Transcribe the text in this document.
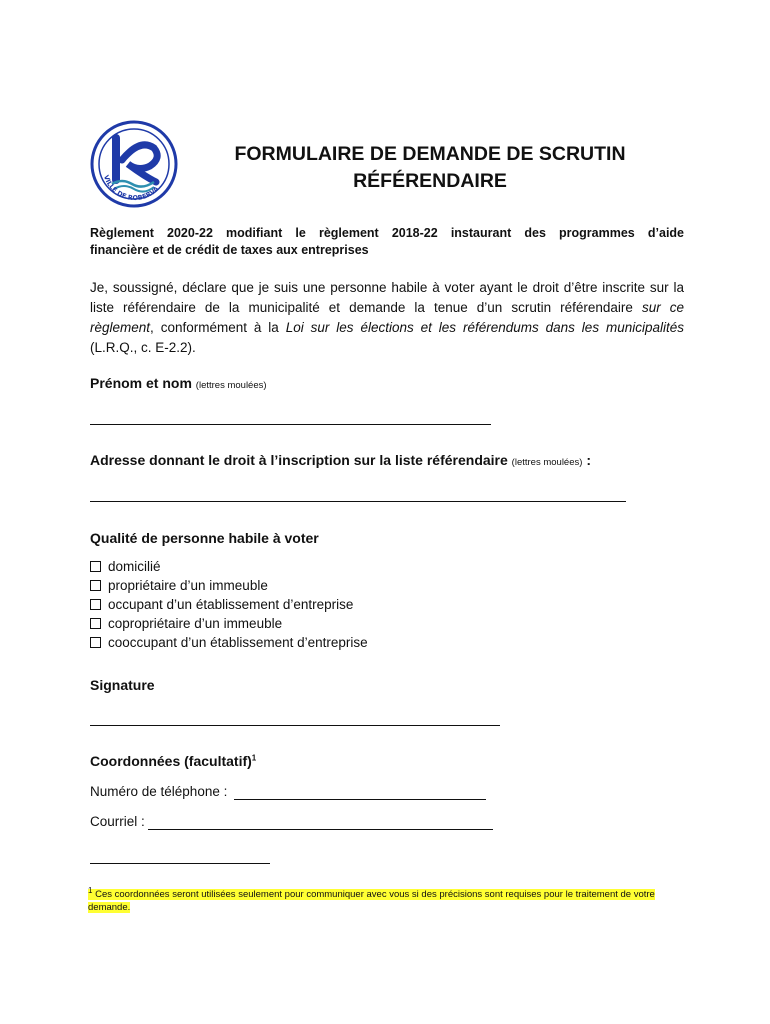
VILLE DE ROBERVA
FORMULAIRE DE DEMANDE DE SCRUTIN
RÉFÉRENDAIRE
Règlement 2020-22 modifiant le règlement 2018-22 instaurant des programmes d’aide
financière et de crédit de taxes aux entreprises
Je, soussigné, déclare que je suis une personne habile à voter ayant le droit d’être inscrite sur la
liste référendaire de la municipalité et demande la tenue d’un scrutin référendaire sur ce
règlement, conformément à la Loi sur les élections et les référendums dans les municipalités
(L.R.Q., c. E-2.2).
Prénom et nom (lettres moulées)
Adresse donnant le droit à l’inscription sur la liste référendaire (lettres moulées) :
Qualité de personne habile à voter
domicilié
propriétaire d’un immeuble
occupant d’un établissement d’entreprise
copropriétaire d’un immeuble
cooccupant d’un établissement d’entreprise
Signature
Coordonnées (facultatif)$^1$
Numéro de téléphone :
Courriel :
$^1$ Ces coordonnées seront utilisées seulement pour communiquer avec vous si des précisions sont requises pour le traitement de votre
demande.
